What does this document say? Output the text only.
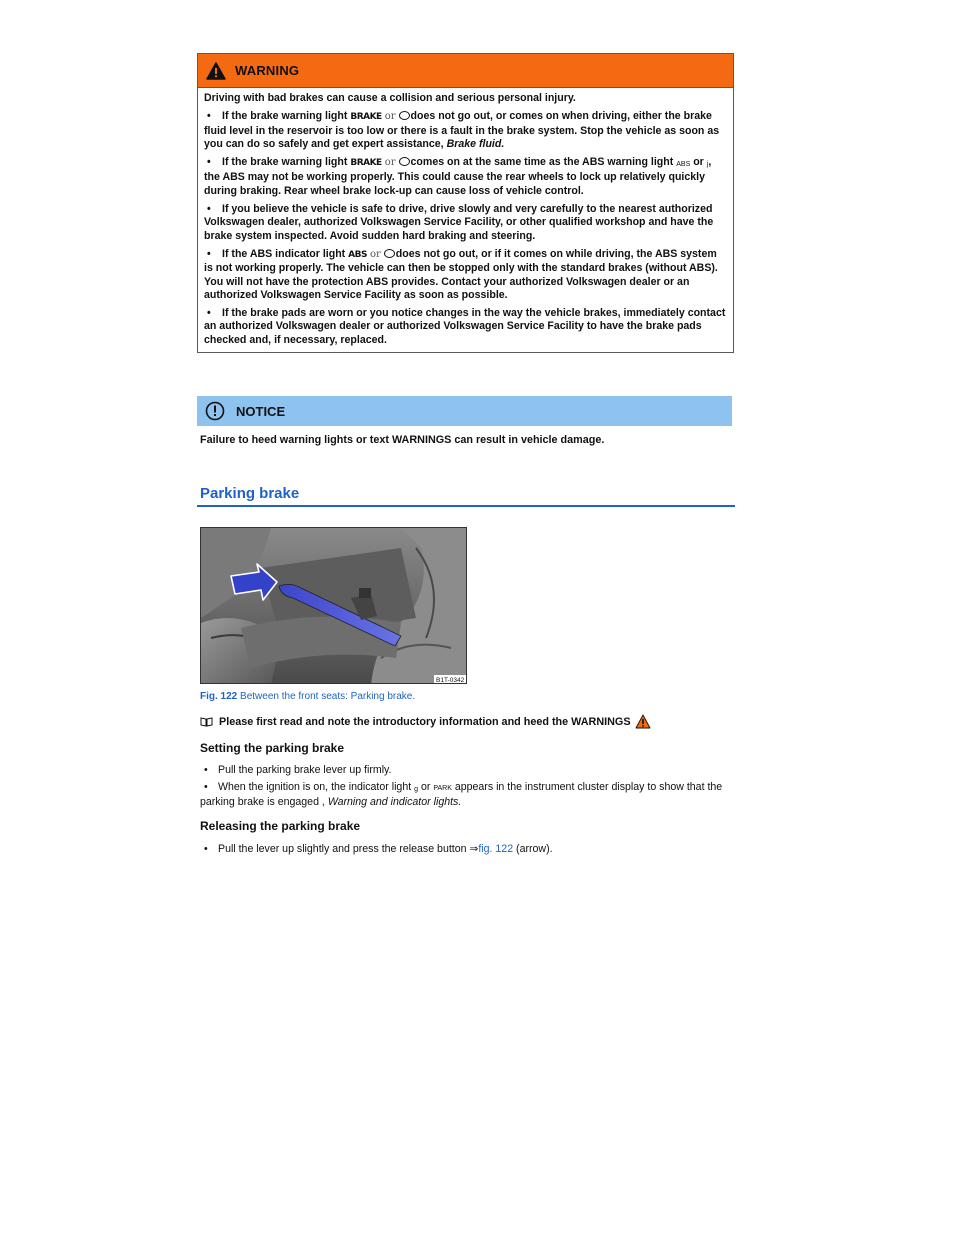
WARNING

Driving with bad brakes can cause a collision and serious personal injury.

• If the brake warning light BRAKE or does not go out, or comes on when driving, either the brake fluid level in the reservoir is too low or there is a fault in the brake system. Stop the vehicle as soon as you can do so safely and get expert assistance, Brake fluid.
• If the brake warning light BRAKE or comes on at the same time as the ABS warning light ABS or j, the ABS may not be working properly. This could cause the rear wheels to lock up relatively quickly during braking. Rear wheel brake lock-up can cause loss of vehicle control.
• If you believe the vehicle is safe to drive, drive slowly and very carefully to the nearest authorized Volkswagen dealer, authorized Volkswagen Service Facility, or other qualified workshop and have the brake system inspected. Avoid sudden hard braking and steering.
• If the ABS indicator light ABS or does not go out, or if it comes on while driving, the ABS system is not working properly. The vehicle can then be stopped only with the standard brakes (without ABS). You will not have the protection ABS provides. Contact your authorized Volkswagen dealer or an authorized Volkswagen Service Facility as soon as possible.
• If the brake pads are worn or you notice changes in the way the vehicle brakes, immediately contact an authorized Volkswagen dealer or authorized Volkswagen Service Facility to have the brake pads checked and, if necessary, replaced.
NOTICE
Failure to heed warning lights or text WARNINGS can result in vehicle damage.
Parking brake
B1T-0342
Fig. 122 Between the front seats: Parking brake.
Please first read and note the introductory information and heed the WARNINGS
Setting the parking brake
• Pull the parking brake lever up firmly.
• When the ignition is on, the indicator light g or PARK appears in the instrument cluster display to show that the parking brake is engaged , Warning and indicator lights.
Releasing the parking brake
• Pull the lever up slightly and press the release button ⇒fig. 122 (arrow).
